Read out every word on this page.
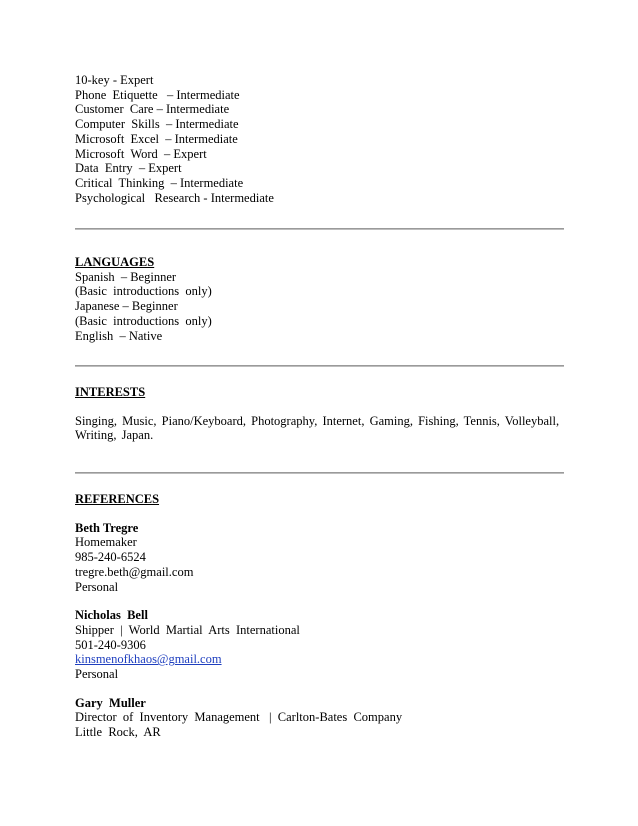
10-key - Expert
Phone  Etiquette   – Intermediate
Customer  Care – Intermediate
Computer  Skills  – Intermediate
Microsoft  Excel  – Intermediate
Microsoft  Word  – Expert
Data  Entry  – Expert
Critical  Thinking  – Intermediate
Psychological   Research - Intermediate
LANGUAGES
Spanish  – Beginner
(Basic  introductions  only)
Japanese – Beginner
(Basic  introductions  only)
English  – Native
INTERESTS
Singing, Music, Piano/Keyboard, Photography, Internet, Gaming, Fishing, Tennis, Volleyball, Writing, Japan.
REFERENCES
Beth Tregre
Homemaker
985-240-6524
tregre.beth@gmail.com
Personal
Nicholas  Bell
Shipper  |  World  Martial  Arts  International
501-240-9306
kinsmenofkhaos@gmail.com
Personal
Gary  Muller
Director  of  Inventory  Management   |  Carlton-Bates  Company
Little  Rock,  AR
